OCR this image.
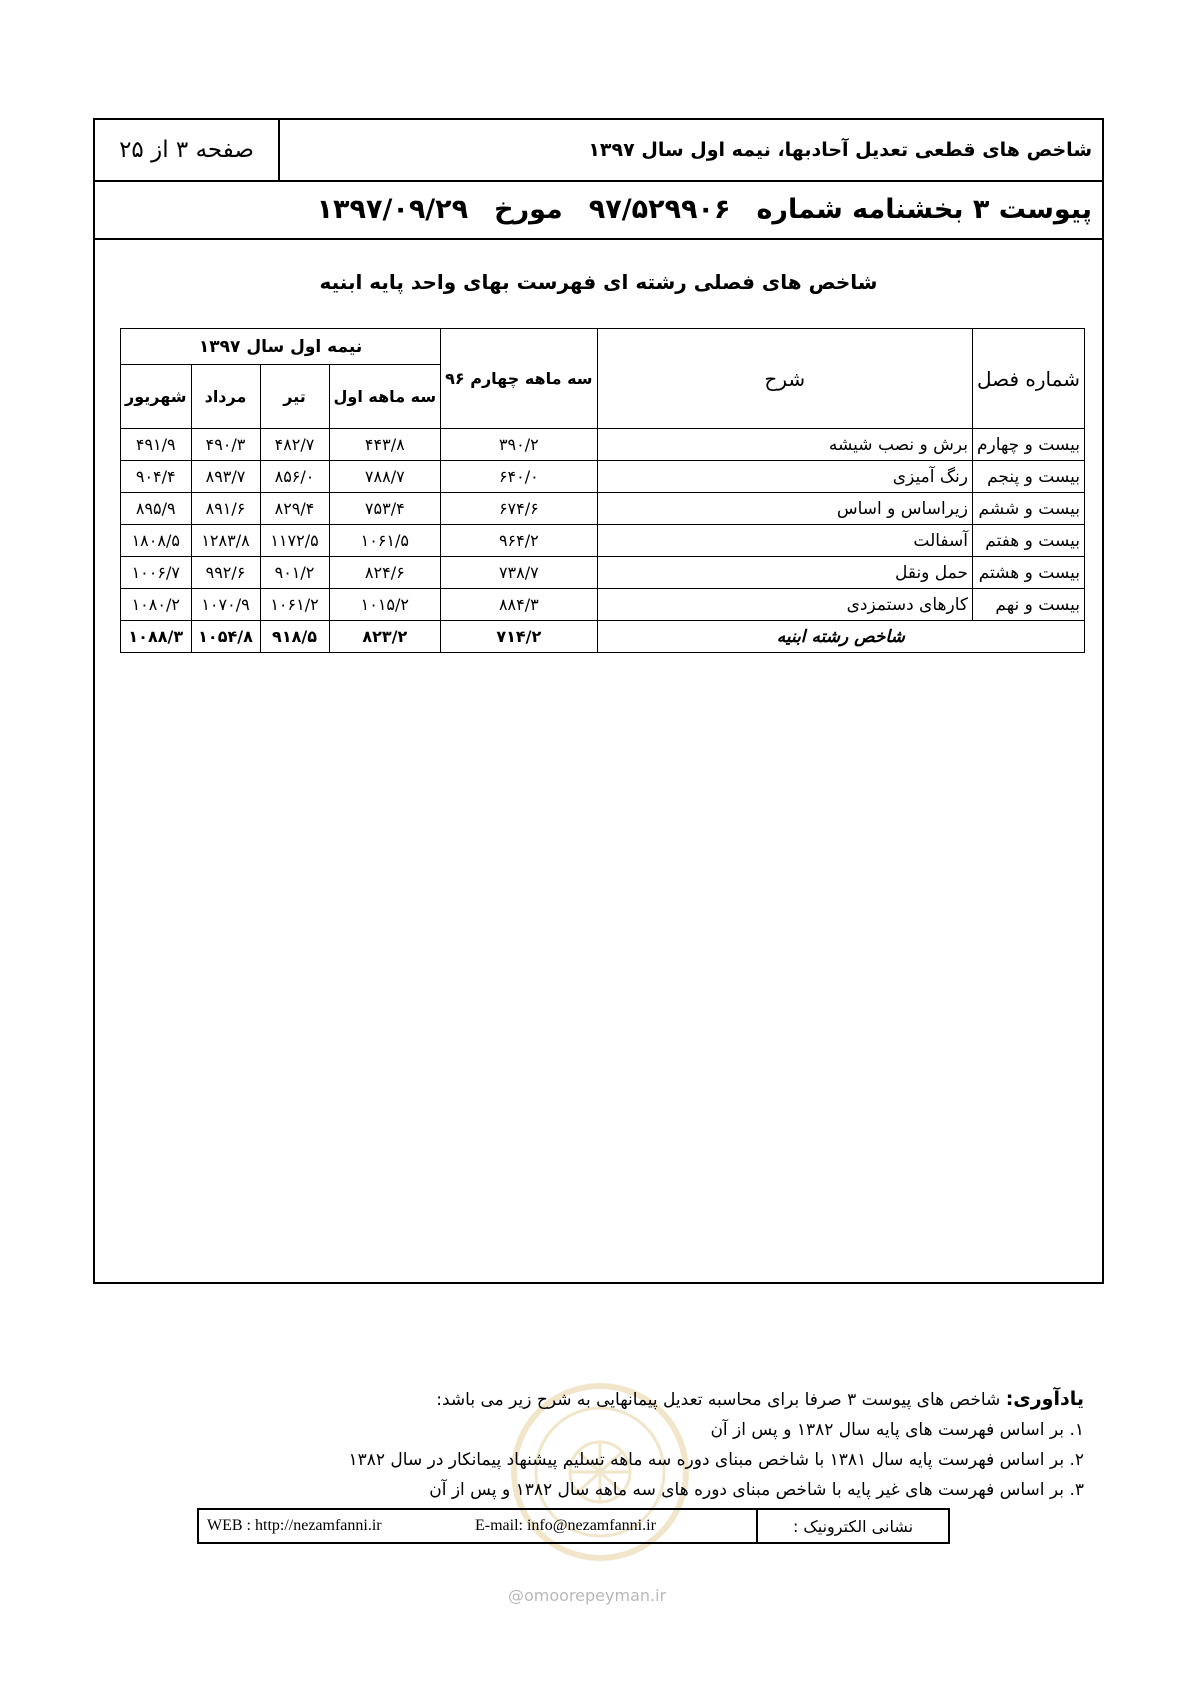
صفحه ۳ از ۲۵	شاخص های قطعی تعدیل آحادبها، نیمه اول سال ۱۳۹۷
پیوست ۳ بخشنامه شماره
۹۷/۵۲۹۹۰۶
مورخ
۱۳۹۷/۰۹/۲۹
شاخص های فصلی رشته ای فهرست بهای واحد پایه ابنیه
شماره فصل	شرح	سه ماهه چهارم ۹۶	نیمه اول سال ۱۳۹۷			
			سه ماهه اول	تیر	مرداد	شهریور
بیست و چهارم	برش و نصب شیشه	۳۹۰/۲	۴۴۳/۸	۴۸۲/۷	۴۹۰/۳	۴۹۱/۹
بیست و پنجم	رنگ آمیزی	۶۴۰/۰	۷۸۸/۷	۸۵۶/۰	۸۹۳/۷	۹۰۴/۴
بیست و ششم	زیراساس و اساس	۶۷۴/۶	۷۵۳/۴	۸۲۹/۴	۸۹۱/۶	۸۹۵/۹
بیست و هفتم	آسفالت	۹۶۴/۲	۱۰۶۱/۵	۱۱۷۲/۵	۱۲۸۳/۸	۱۸۰۸/۵
بیست و هشتم	حمل ونقل	۷۳۸/۷	۸۲۴/۶	۹۰۱/۲	۹۹۲/۶	۱۰۰۶/۷
بیست و نهم	کارهای دستمزدی	۸۸۴/۳	۱۰۱۵/۲	۱۰۶۱/۲	۱۰۷۰/۹	۱۰۸۰/۲
شاخص رشته ابنیه		۷۱۴/۲	۸۲۳/۲	۹۱۸/۵	۱۰۵۴/۸	۱۰۸۸/۳
یادآوری: شاخص های پیوست ۳ صرفا برای محاسبه تعدیل پیمانهایی به شرح زیر می باشد:
۱. بر اساس فهرست های پایه سال ۱۳۸۲ و پس از آن
۲. بر اساس فهرست پایه سال ۱۳۸۱ با شاخص مبنای دوره سه ماهه تسلیم پیشنهاد پیمانکار در سال ۱۳۸۲
۳. بر اساس فهرست های غیر پایه با شاخص مبنای دوره های سه ماهه سال ۱۳۸۲ و پس از آن
نشانی الکترونیک :
E-mail: info@nezamfanni.ir
WEB : http://nezamfanni.ir
@omoorepeyman.ir
